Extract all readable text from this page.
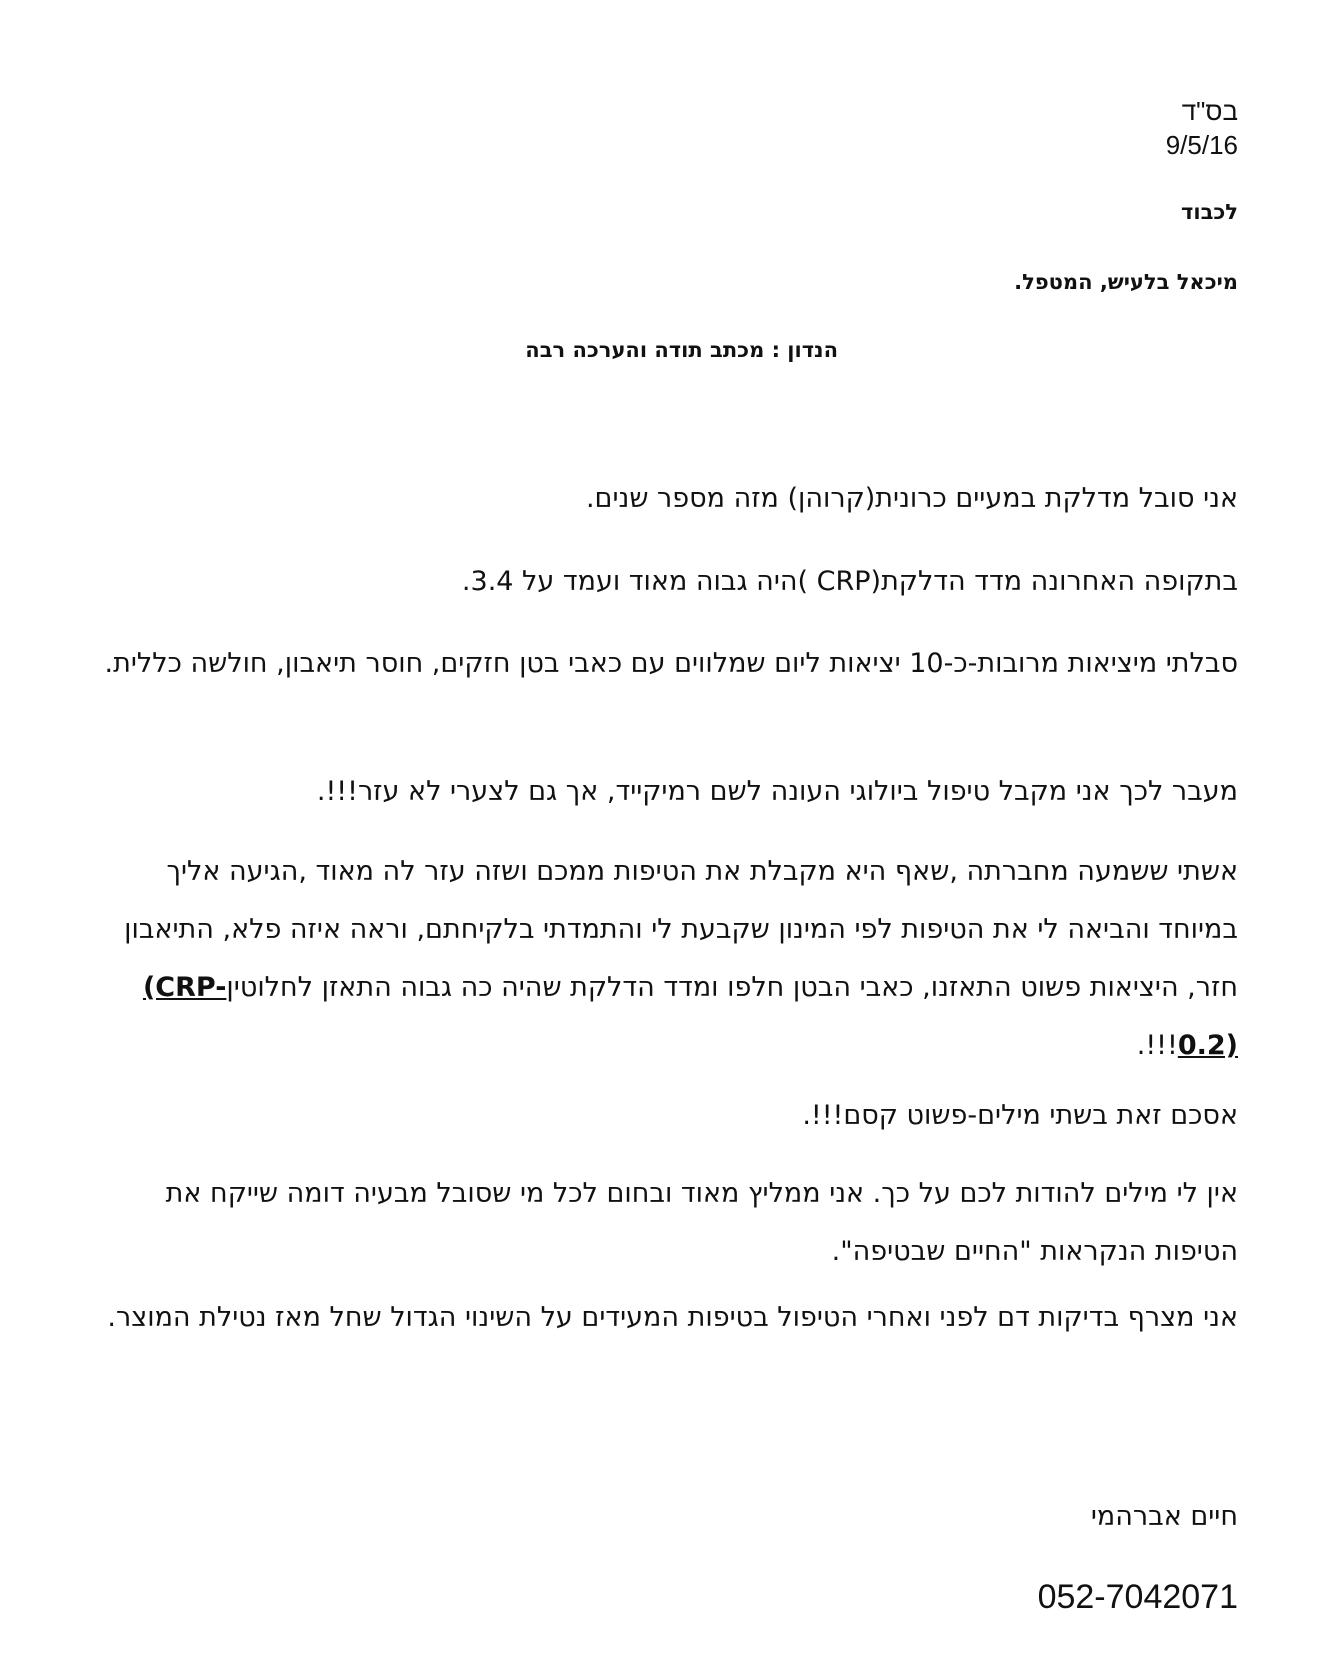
בס"ד
9/5/16
לכבוד
מיכאל בלעיש, המטפל.
הנדון : מכתב תודה והערכה רבה
אני סובל מדלקת במעיים כרונית(קרוהן) מזה מספר שנים.
בתקופה האחרונה מדד הדלקת(CRP )היה גבוה מאוד ועמד על 3.4.
סבלתי מיציאות מרובות-כ-10 יציאות ליום שמלווים עם כאבי בטן חזקים, חוסר תיאבון, חולשה כללית.
מעבר לכך אני מקבל טיפול ביולוגי העונה לשם רמיקייד, אך גם לצערי לא עזר!!!.
אשתי ששמעה מחברתה ,שאף היא מקבלת את הטיפות ממכם ושזה עזר לה מאוד ,הגיעה אליך במיוחד והביאה לי את הטיפות לפי המינון שקבעת לי והתמדתי בלקיחתם, וראה איזה פלא, התיאבון חזר, היציאות פשוט התאזנו, כאבי הבטן חלפו ומדד הדלקת שהיה כה גבוה התאזן לחלוטין(CRP- 0.2)!!!.
אסכם זאת בשתי מילים-פשוט קסם!!!.
אין לי מילים להודות לכם על כך. אני ממליץ מאוד ובחום לכל מי שסובל מבעיה דומה שייקח את הטיפות הנקראות "החיים שבטיפה".
אני מצרף בדיקות דם לפני ואחרי הטיפול בטיפות המעידים על השינוי הגדול שחל מאז נטילת המוצר.
חיים אברהמי
052-7042071
